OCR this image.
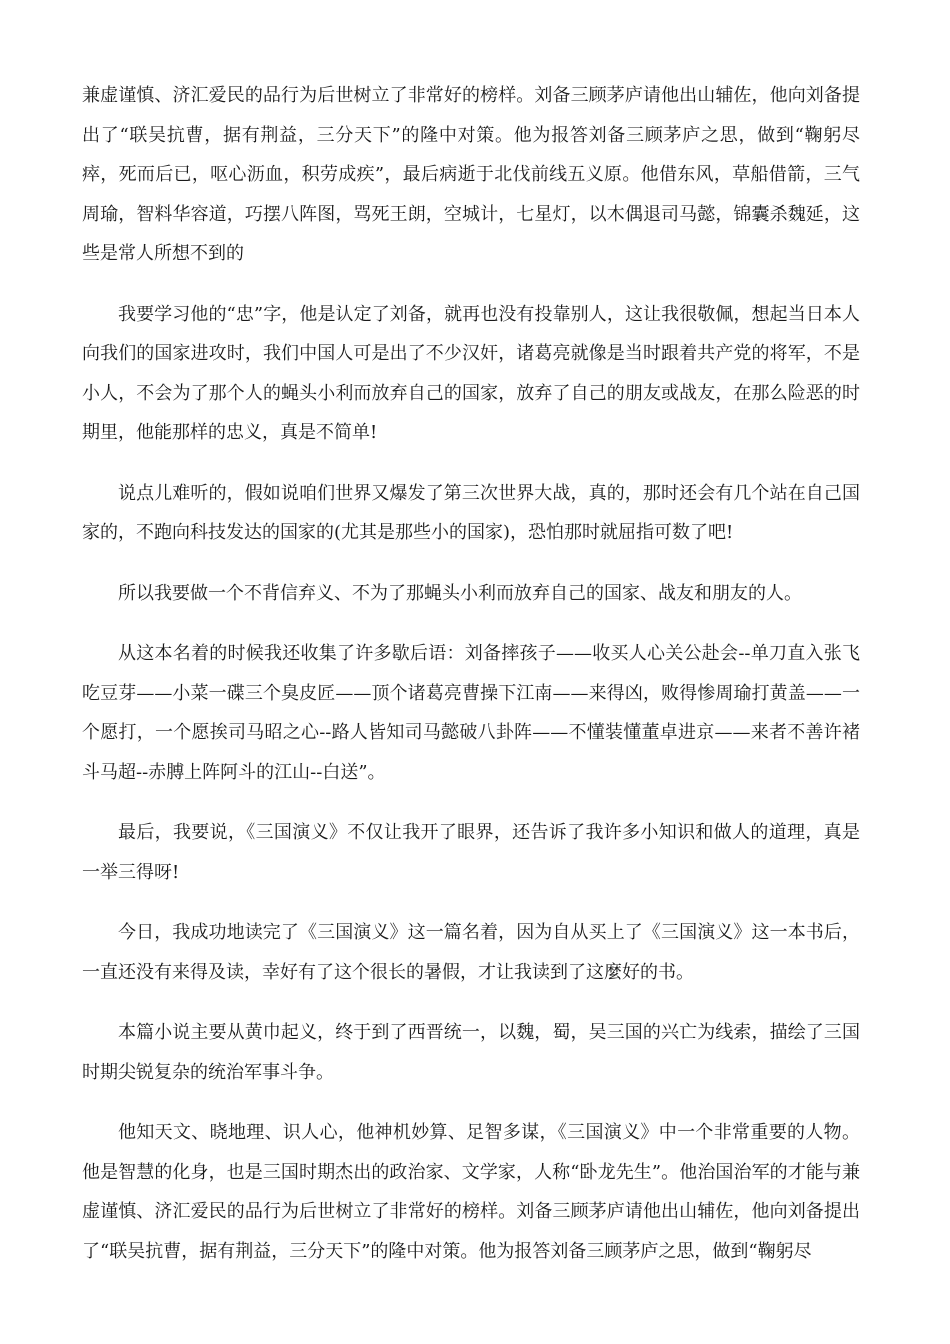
兼虚谨慎、济汇爱民的品行为后世树立了非常好的榜样。刘备三顾茅庐请他出山辅佐，他向刘备提出了“联吴抗曹，据有荆益，三分天下”的隆中对策。他为报答刘备三顾茅庐之思，做到“鞠躬尽瘁，死而后已，呕心沥血，积劳成疾”，最后病逝于北伐前线五义原。他借东风，草船借箭，三气周瑜，智料华容道，巧摆八阵图，骂死王朗，空城计，七星灯，以木偶退司马懿，锦囊杀魏延，这些是常人所想不到的

我要学习他的“忠”字，他是认定了刘备，就再也没有投靠别人，这让我很敬佩，想起当日本人向我们的国家进攻时，我们中国人可是出了不少汉奸，诸葛亮就像是当时跟着共产党的将军，不是小人，不会为了那个人的蝇头小利而放弃自己的国家，放弃了自己的朋友或战友，在那么险恶的时期里，他能那样的忠义，真是不简单!

说点儿难听的，假如说咱们世界又爆发了第三次世界大战，真的，那时还会有几个站在自己国家的，不跑向科技发达的国家的(尤其是那些小的国家)，恐怕那时就屈指可数了吧!

所以我要做一个不背信弃义、不为了那蝇头小利而放弃自己的国家、战友和朋友的人。

从这本名着的时候我还收集了许多歇后语：刘备摔孩子——收买人心关公赴会--单刀直入张飞吃豆芽——小菜一碟三个臭皮匠——顶个诸葛亮曹操下江南——来得凶，败得惨周瑜打黄盖——一个愿打，一个愿挨司马昭之心--路人皆知司马懿破八卦阵——不懂装懂董卓进京——来者不善许褚斗马超--赤膊上阵阿斗的江山--白送”。

最后，我要说，《三国演义》不仅让我开了眼界，还告诉了我许多小知识和做人的道理，真是一举三得呀!

今日，我成功地读完了《三国演义》这一篇名着，因为自从买上了《三国演义》这一本书后，一直还没有来得及读，幸好有了这个很长的暑假，才让我读到了这麼好的书。

本篇小说主要从黄巾起义，终于到了西晋统一，以魏，蜀，吴三国的兴亡为线索，描绘了三国时期尖锐复杂的统治军事斗争。

他知天文、晓地理、识人心，他神机妙算、足智多谋，《三国演义》中一个非常重要的人物。他是智慧的化身，也是三国时期杰出的政治家、文学家，人称“卧龙先生”。他治国治军的才能与兼虚谨慎、济汇爱民的品行为后世树立了非常好的榜样。刘备三顾茅庐请他出山辅佐，他向刘备提出了“联吴抗曹，据有荆益，三分天下”的隆中对策。他为报答刘备三顾茅庐之思，做到“鞠躬尽
